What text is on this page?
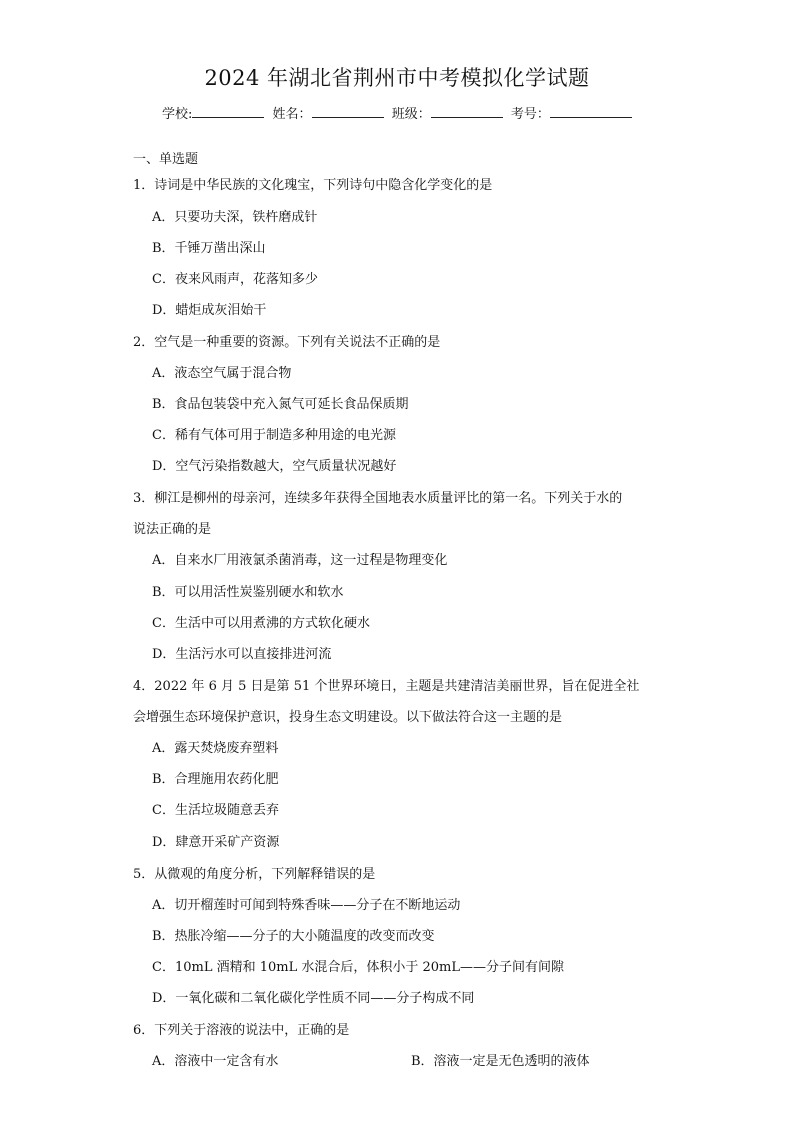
2024 年湖北省荆州市中考模拟化学试题
学校:	姓名：	班级：	考号：
一、单选题
1．诗词是中华民族的文化瑰宝，下列诗句中隐含化学变化的是
A．只要功夫深，铁杵磨成针
B．千锤万凿出深山
C．夜来风雨声，花落知多少
D．蜡炬成灰泪始干
2．空气是一种重要的资源。下列有关说法不正确的是
A．液态空气属于混合物
B．食品包装袋中充入氮气可延长食品保质期
C．稀有气体可用于制造多种用途的电光源
D．空气污染指数越大，空气质量状况越好
3．柳江是柳州的母亲河，连续多年获得全国地表水质量评比的第一名。下列关于水的
说法正确的是
A．自来水厂用液氯杀菌消毒，这一过程是物理变化
B．可以用活性炭鉴别硬水和软水
C．生活中可以用煮沸的方式软化硬水
D．生活污水可以直接排进河流
4．2022 年 6 月 5 日是第 51 个世界环境日，主题是共建清洁美丽世界，旨在促进全社
会增强生态环境保护意识，投身生态文明建设。以下做法符合这一主题的是
A．露天焚烧废弃塑料
B．合理施用农药化肥
C．生活垃圾随意丢弃
D．肆意开采矿产资源
5．从微观的角度分析，下列解释错误的是
A．切开榴莲时可闻到特殊香味——分子在不断地运动
B．热胀冷缩——分子的大小随温度的改变而改变
C．10mL 酒精和 10mL 水混合后，体积小于 20mL——分子间有间隙
D．一氧化碳和二氧化碳化学性质不同——分子构成不同
6．下列关于溶液的说法中，正确的是
A．溶液中一定含有水	B．溶液一定是无色透明的液体
